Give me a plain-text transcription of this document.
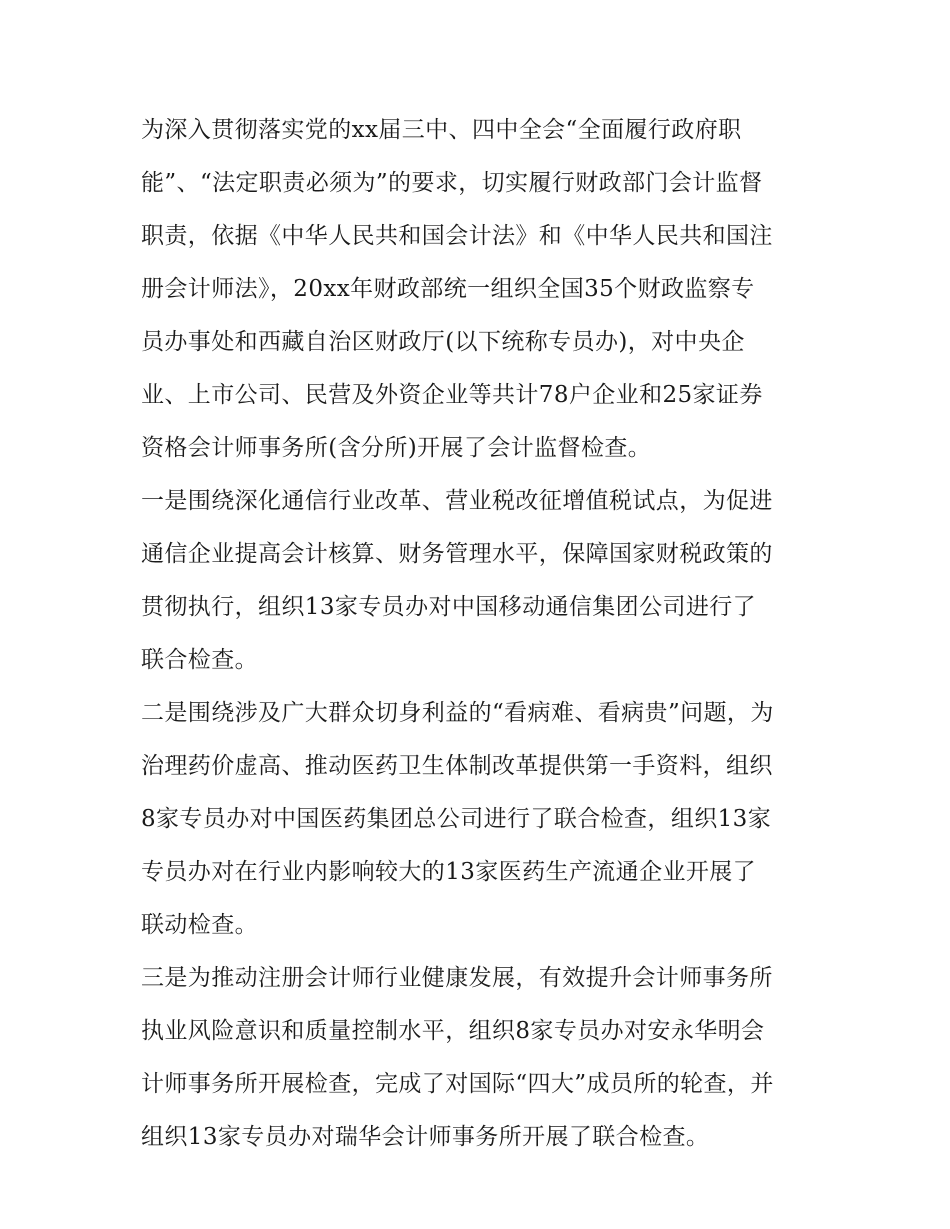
为深入贯彻落实党的xx届三中、四中全会“全面履行政府职
能”、“法定职责必须为”的要求，切实履行财政部门会计监督
职责，依据《中华人民共和国会计法》和《中华人民共和国注
册会计师法》，20xx年财政部统一组织全国35个财政监察专
员办事处和西藏自治区财政厅(以下统称专员办)，对中央企
业、上市公司、民营及外资企业等共计78户企业和25家证券
资格会计师事务所(含分所)开展了会计监督检查。
一是围绕深化通信行业改革、营业税改征增值税试点，为促进
通信企业提高会计核算、财务管理水平，保障国家财税政策的
贯彻执行，组织13家专员办对中国移动通信集团公司进行了
联合检查。
二是围绕涉及广大群众切身利益的“看病难、看病贵”问题，为
治理药价虚高、推动医药卫生体制改革提供第一手资料，组织
8家专员办对中国医药集团总公司进行了联合检查，组织13家
专员办对在行业内影响较大的13家医药生产流通企业开展了
联动检查。
三是为推动注册会计师行业健康发展，有效提升会计师事务所
执业风险意识和质量控制水平，组织8家专员办对安永华明会
计师事务所开展检查，完成了对国际“四大”成员所的轮查，并
组织13家专员办对瑞华会计师事务所开展了联合检查。
